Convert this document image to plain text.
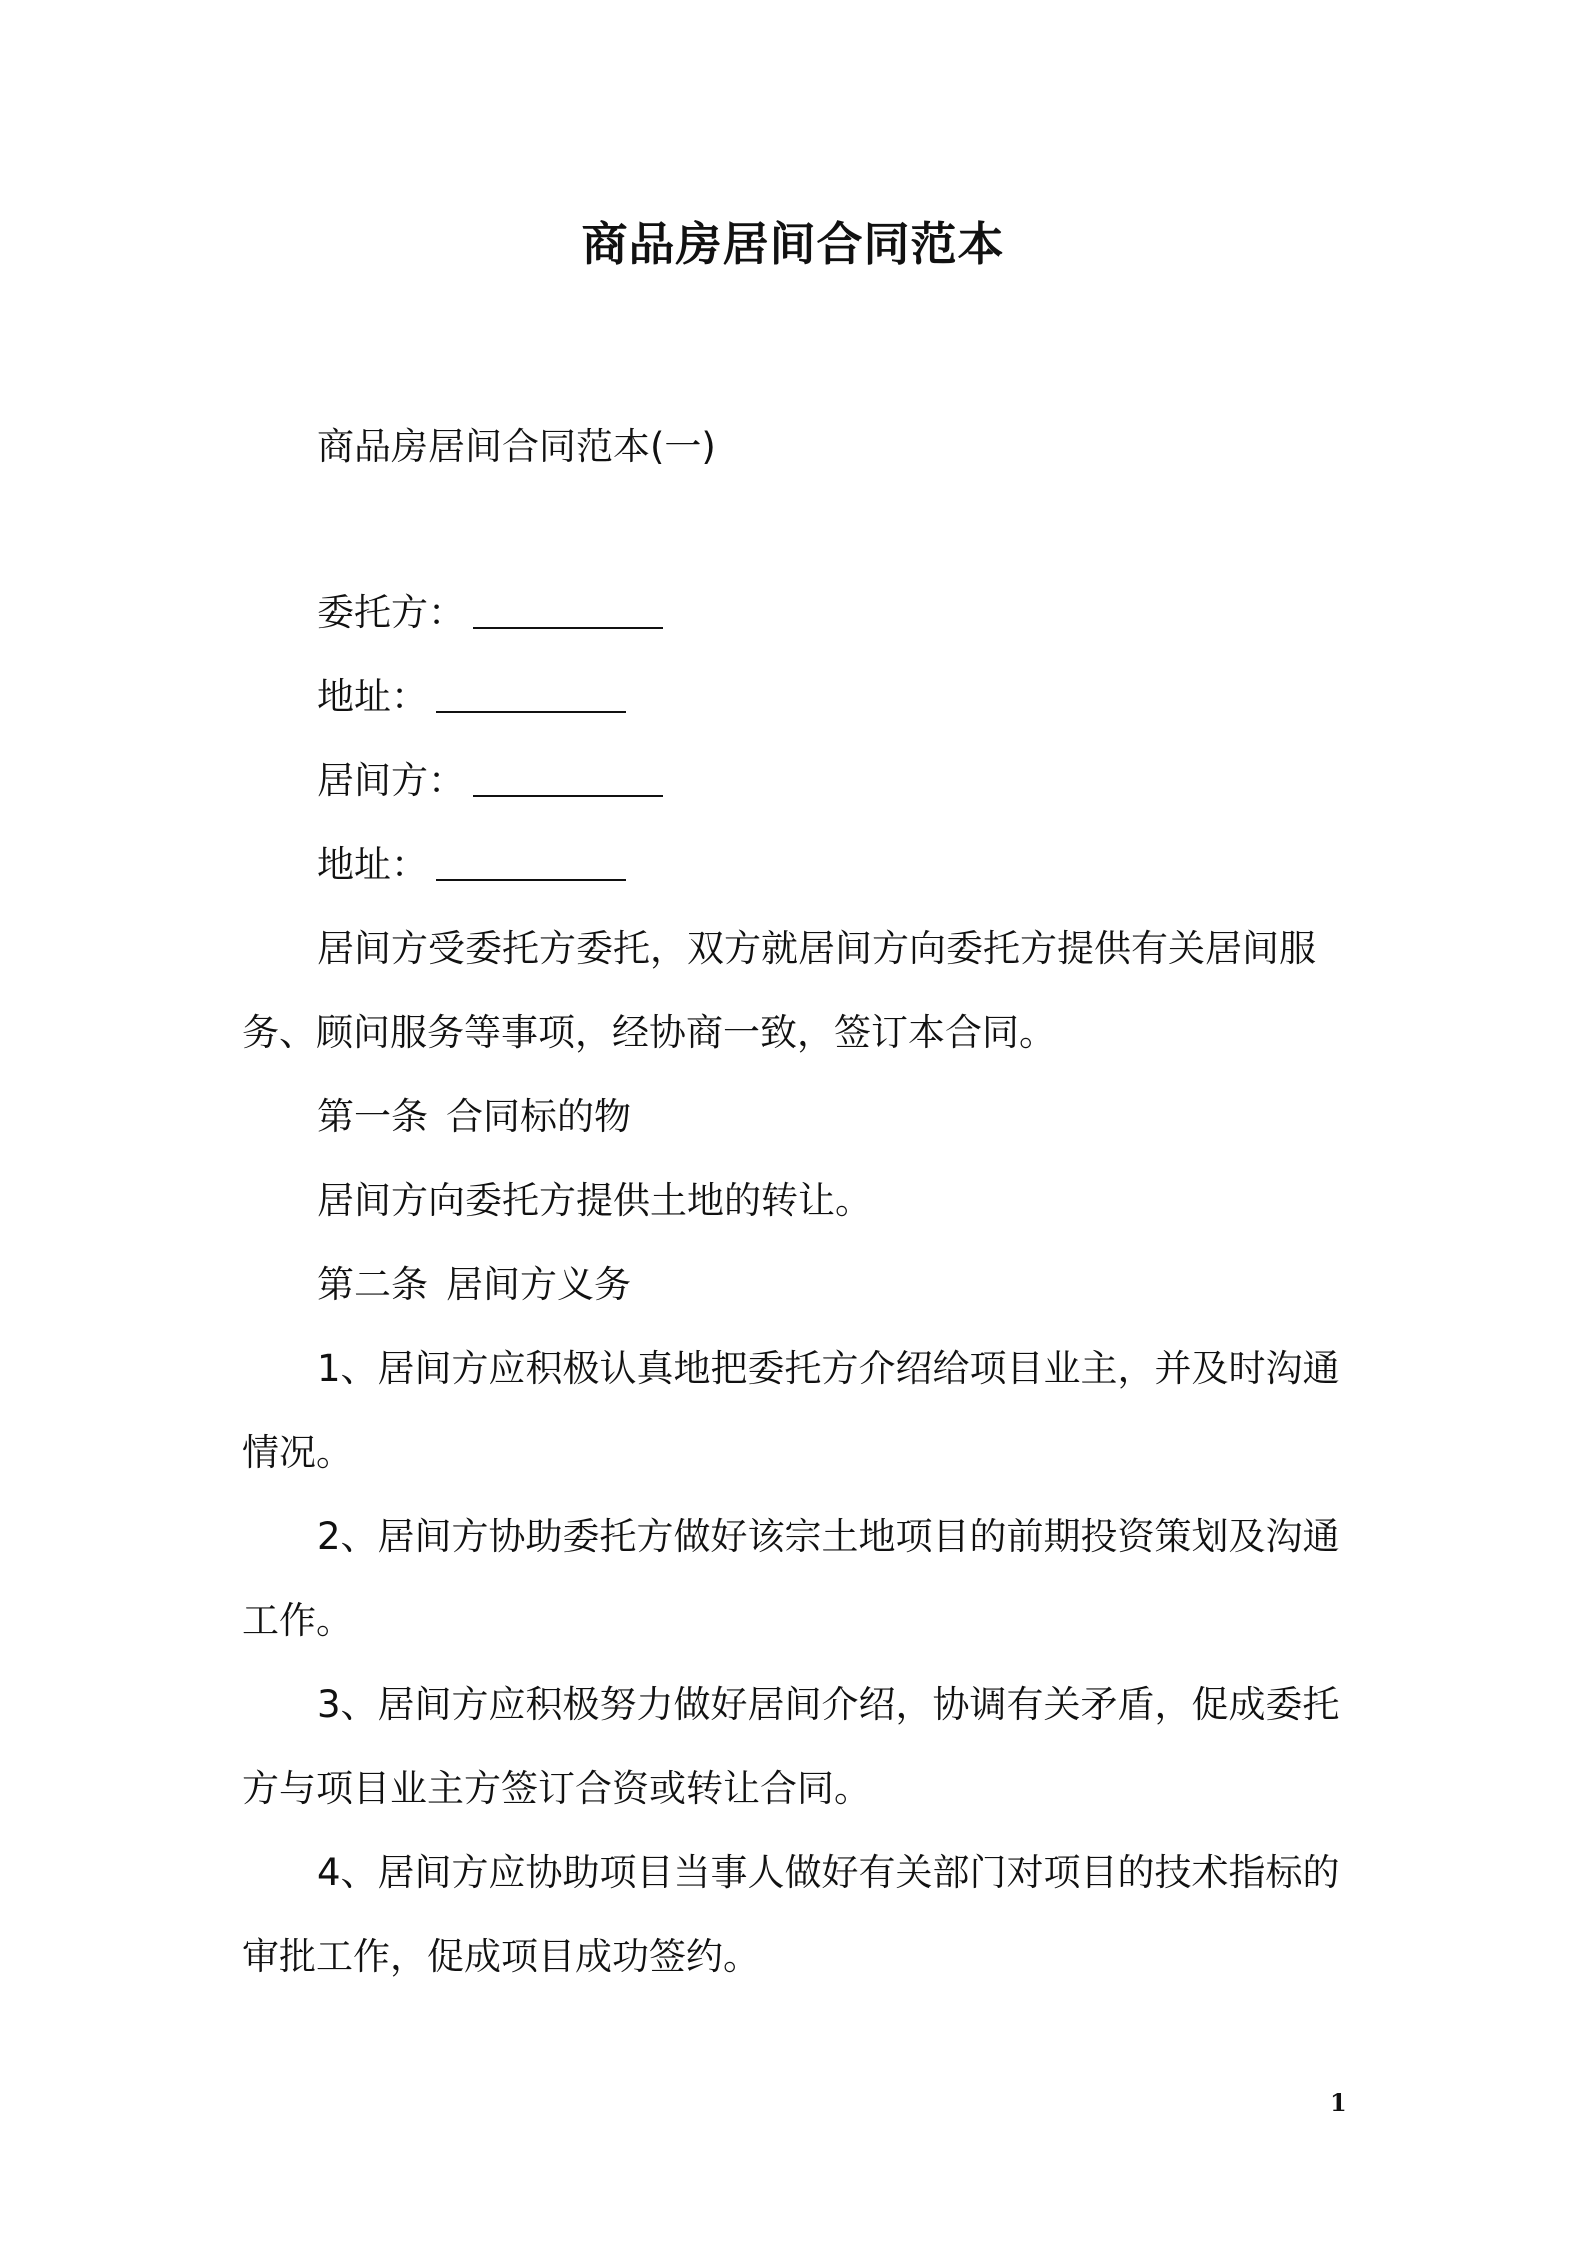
商品房居间合同范本

商品房居间合同范本(一)

委托方：

地址：

居间方：

地址：

居间方受委托方委托，双方就居间方向委托方提供有关居间服务、顾问服务等事项，经协商一致，签订本合同。

第一条 合同标的物

居间方向委托方提供土地的转让。

第二条 居间方义务

1、居间方应积极认真地把委托方介绍给项目业主，并及时沟通情况。

2、居间方协助委托方做好该宗土地项目的前期投资策划及沟通工作。

3、居间方应积极努力做好居间介绍，协调有关矛盾，促成委托方与项目业主方签订合资或转让合同。

4、居间方应协助项目当事人做好有关部门对项目的技术指标的审批工作，促成项目成功签约。

1
